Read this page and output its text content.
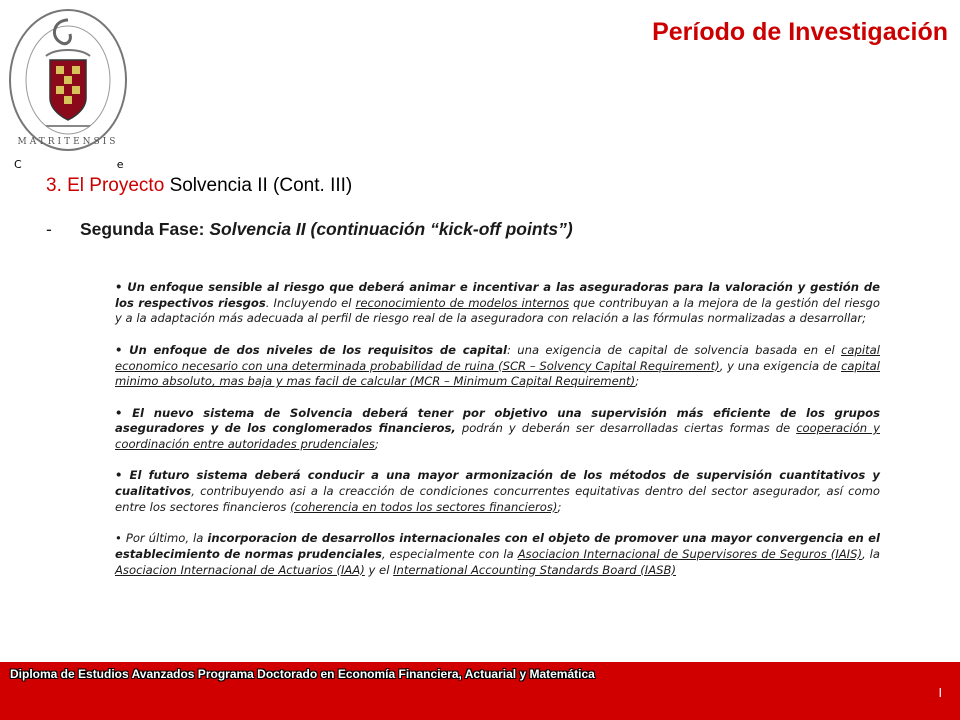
MATRITENSIS
Período de Investigación
Ce
3. El Proyecto Solvencia II (Cont. III)
- Segunda Fase: Solvencia II (continuación “kick-off points”)

• Un enfoque sensible al riesgo que deberá animar e incentivar a las aseguradoras para la valoración y gestión de los respectivos riesgos. Incluyendo el reconocimiento de modelos internos que contribuyan a la mejora de la gestión del riesgo y a la adaptación más adecuada al perfil de riesgo real de la aseguradora con relación a las fórmulas normalizadas a desarrollar;

• Un enfoque de dos niveles de los requisitos de capital: una exigencia de capital de solvencia basada en el capital economico necesario con una determinada probabilidad de ruina (SCR – Solvency Capital Requirement), y una exigencia de capital minimo absoluto, mas baja y mas facil de calcular (MCR – Minimum Capital Requirement);

• El nuevo sistema de Solvencia deberá tener por objetivo una supervisión más eficiente de los grupos aseguradores y de los conglomerados financieros, podrán y deberán ser desarrolladas ciertas formas de cooperación y coordinación entre autoridades prudenciales;

• El futuro sistema deberá conducir a una mayor armonización de los métodos de supervisión cuantitativos y cualitativos, contribuyendo asi a la creacción de condiciones concurrentes equitativas dentro del sector asegurador, así como entre los sectores financieros (coherencia en todos los sectores financieros);

• Por último, la incorporacion de desarrollos internacionales con el objeto de promover una mayor convergencia en el establecimiento de normas prudenciales, especialmente con la Asociacion Internacional de Supervisores de Seguros (IAIS), la Asociacion Internacional de Actuarios (IAA) y el International Accounting Standards Board (IASB)

Diploma de Estudios Avanzados Programa Doctorado en Economía Financiera, Actuarial y Matemática
I
